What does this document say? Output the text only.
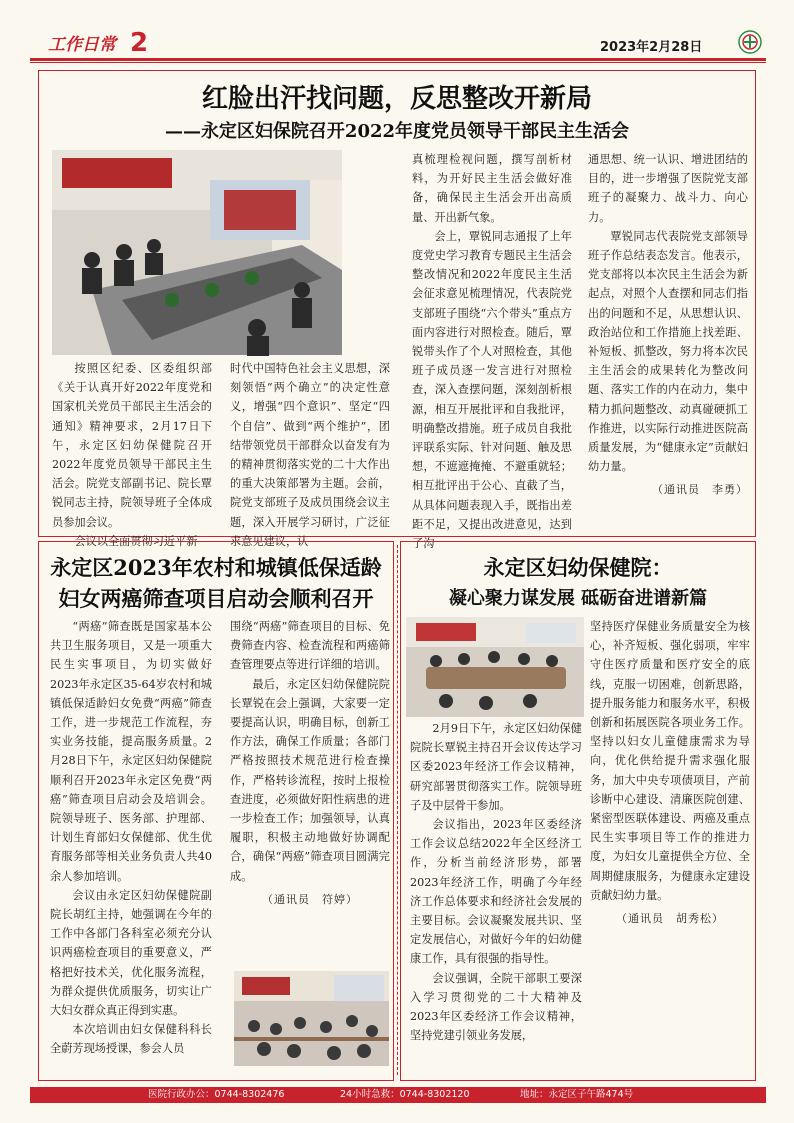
工作日常 2	2023年2月28日
红脸出汗找问题，反思整改开新局
——永定区妇保院召开2022年度党员领导干部民主生活会

按照区纪委、区委组织部《关于认真开好2022年度党和国家机关党员干部民主生活会的通知》精神要求，2月17日下午，永定区妇幼保健院召开2022年度党员领导干部民主生活会。院党支部副书记、院长覃锐同志主持，院领导班子全体成员参加会议。

会议以全面贯彻习近平新

时代中国特色社会主义思想，深刻领悟“两个确立”的决定性意义，增强“四个意识”、坚定“四个自信”、做到“两个维护”，团结带领党员干部群众以奋发有为的精神贯彻落实党的二十大作出的重大决策部署为主题。会前，院党支部班子及成员围绕会议主题，深入开展学习研讨，广泛征求意见建议，认

真梳理检视问题，撰写剖析材料，为开好民主生活会做好准备，确保民主生活会开出高质量、开出新气象。

会上，覃锐同志通报了上年度党史学习教育专题民主生活会整改情况和2022年度民主生活会征求意见梳理情况，代表院党支部班子围绕“六个带头”重点方面内容进行对照检查。随后，覃锐带头作了个人对照检查，其他班子成员逐一发言进行对照检查，深入查摆问题，深刻剖析根源，相互开展批评和自我批评，明确整改措施。班子成员自我批评联系实际、针对问题、触及思想，不遮遮掩掩、不避重就轻；相互批评出于公心、直截了当，从具体问题表现入手，既指出差距不足，又提出改进意见，达到了沟

通思想、统一认识、增进团结的目的，进一步增强了医院党支部班子的凝聚力、战斗力、向心力。

覃锐同志代表院党支部领导班子作总结表态发言。他表示，党支部将以本次民主生活会为新起点，对照个人查摆和同志们指出的问题和不足，从思想认识、政治站位和工作措施上找差距、补短板、抓整改，努力将本次民主生活会的成果转化为整改问题、落实工作的内在动力，集中精力抓问题整改、动真碰硬抓工作推进，以实际行动推进医院高质量发展，为“健康永定”贡献妇幼力量。

（通讯员　李勇）
永定区2023年农村和城镇低保适龄
妇女两癌筛查项目启动会顺利召开

“两癌”筛查既是国家基本公共卫生服务项目，又是一项重大民生实事项目，为切实做好2023年永定区35-64岁农村和城镇低保适龄妇女免费“两癌”筛查工作，进一步规范工作流程，夯实业务技能，提高服务质量。2月28日下午，永定区妇幼保健院顺利召开2023年永定区免费“两癌”筛查项目启动会及培训会。院领导班子、医务部、护理部、计划生育部妇女保健部、优生优育服务部等相关业务负责人共40余人参加培训。

会议由永定区妇幼保健院副院长胡红主持，她强调在今年的工作中各部门各科室必须充分认识两癌检查项目的重要意义，严格把好技术关，优化服务流程，为群众提供优质服务，切实让广大妇女群众真正得到实惠。

本次培训由妇女保健科科长全蔚芳现场授课，参会人员

围绕“两癌”筛查项目的目标、免费筛查内容、检查流程和两癌筛查管理要点等进行详细的培训。

最后，永定区妇幼保健院院长覃锐在会上强调，大家要一定要提高认识，明确目标，创新工作方法，确保工作质量；各部门严格按照技术规范进行检查操作，严格转诊流程，按时上报检查进度，必须做好阳性病患的进一步检查工作；加强领导，认真履职，积极主动地做好协调配合，确保“两癌”筛查项目圆满完成。

（通讯员　符婷）
永定区妇幼保健院：
凝心聚力谋发展 砥砺奋进谱新篇

2月9日下午，永定区妇幼保健院院长覃锐主持召开会议传达学习区委2023年经济工作会议精神，研究部署贯彻落实工作。院领导班子及中层骨干参加。

会议指出，2023年区委经济工作会议总结2022年全区经济工作，分析当前经济形势，部署2023年经济工作，明确了今年经济工作总体要求和经济社会发展的主要目标。会议凝聚发展共识、坚定发展信心，对做好今年的妇幼健康工作，具有很强的指导性。

会议强调，全院干部职工要深入学习贯彻党的二十大精神及2023年区委经济工作会议精神，坚持党建引领业务发展，

坚持医疗保健业务质量安全为核心，补齐短板、强化弱项，牢牢守住医疗质量和医疗安全的底线，克服一切困难，创新思路，提升服务能力和服务水平，积极创新和拓展医院各项业务工作。坚持以妇女儿童健康需求为导向，优化供给提升需求强化服务，加大中央专项债项目，产前诊断中心建设、清廉医院创建、紧密型医联体建设、两癌及重点民生实事项目等工作的推进力度，为妇女儿童提供全方位、全周期健康服务，为健康永定建设贡献妇幼力量。

（通讯员　胡秀松）
医院行政办公：0744-8302476	24小时急救：0744-8302120	地址：永定区子午路474号
